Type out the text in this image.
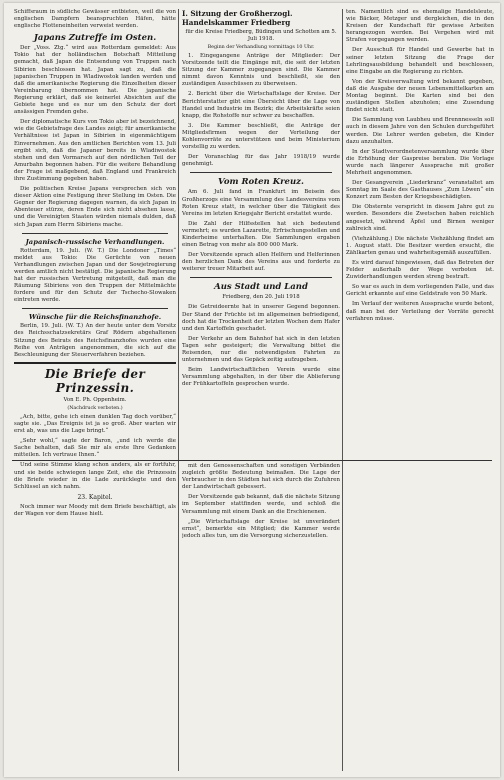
Schiffsraum in südliche Gewässer entbieten, weil die von englischen Dampfern beanspruchten Häfen, hätte englische Flotteneinheiten verweist werden.

Japans Zutreffe im Osten.

Der „Voss. Ztg.“ wird aus Rotterdam gemeldet: Aus Tokio hat der holländischen Botschaft Mitteilung gemacht, daß Japan die Entsendung von Truppen nach Sibirien beschlossen hat. Japan sagt zu, daß die japanischen Truppen in Wladiwostok landen werden und daß die amerikanische Regierung die Einzelheiten dieser Vereinbarung übernommen hat. Die japanische Regierung erklärt, daß sie keinerlei Absichten auf die Gebiete hege und es nur um den Schutz der dort ansässigen Fremden gehe.

Der diplomatische Kurs von Tokio aber ist bezeichnend, wie die Gebietsfrage des Landes zeigt; für amerikanische Verhältnisse ist Japan in Sibirien in eigenmächtigem Einvernehmen. Aus den amtlichen Berichten vom 13. Juli ergibt sich, daß die Japaner bereits in Wladiwostok stehen und den Vormarsch auf den nördlichen Teil der Amurbahn begonnen haben. Für die weitere Behandlung der Frage ist maßgebend, daß England und Frankreich ihre Zustimmung gegeben haben.

Die politischen Kreise Japans versprechen sich von dieser Aktion eine Festigung ihrer Stellung im Osten. Die Gegner der Regierung dagegen warnen, da sich Japan in Abenteuer stürze, deren Ende sich nicht absehen lasse, und die Vereinigten Staaten würden niemals dulden, daß sich Japan zum Herrn Sibiriens mache.

Japanisch-russische Verhandlungen.

Rotterdam, 19. Juli. (W. T.) Die Londoner „Times“ meldet aus Tokio: Die Gerüchte von neuen Verhandlungen zwischen Japan und der Sowjetregierung werden amtlich nicht bestätigt. Die japanische Regierung hat der russischen Vertretung mitgeteilt, daß man die Räumung Sibiriens von den Truppen der Mittelmächte fordere und für den Schutz der Tschecho-Slowaken eintreten werde.

Wünsche für die Reichsfinanzhofe.

Berlin, 19. Juli. (W. T.) An der heute unter dem Vorsitz des Reichsschatzsekretärs Graf Rödern abgehaltenen Sitzung des Beirats des Reichsfinanzhofes wurden eine Reihe von Anträgen angenommen, die sich auf die Beschleunigung der Steuerverfahren beziehen.

Die Briefe der Prinzessin.
Von E. Ph. Oppenheim.
(Nachdruck verboten.)

„Ach, bitte, gehe ich einen dunklen Tag doch vorüber,“ sagte sie. „Das Ereignis ist ja so groß. Aber warten wir erst ab, was uns die Lage bringt.“

„Sehr wohl,“ sagte der Baron, „und ich werde die Sache behalten, daß Sie mir als erste Ihre Gedanken mitteilen. Ich vertraue Ihnen.“

Und seine Stimme klang schon anders, als er fortfuhr, und sie beide schwiegen lange Zeit, ehe die Prinzessin die Briefe wieder in die Lade zurücklegte und den Schlüssel an sich nahm.

23. Kapitel.

Noch immer war Moody mit dem Briefe beschäftigt, als der Wagen vor dem Hause hielt.

I. Sitzung der Großherzogl. Handelskammer Friedberg
für die Kreise Friedberg, Büdingen und Schotten am 5. Juli 1918.
Beginn der Verhandlung vormittags 10 Uhr.

1. Eingegangene Anträge der Mitglieder: Der Vorsitzende teilt die Eingänge mit, die seit der letzten Sitzung der Kammer zugegangen sind. Die Kammer nimmt davon Kenntnis und beschließt, sie den zuständigen Ausschüssen zu überweisen.

2. Bericht über die Wirtschaftslage der Kreise. Der Berichterstatter gibt eine Übersicht über die Lage von Handel und Industrie im Bezirk; die Arbeitskräfte seien knapp, die Rohstoffe nur schwer zu beschaffen.

3. Die Kammer beschließt, die Anträge der Mitgliedsfirmen wegen der Verteilung der Kohlenvorräte zu unterstützen und beim Ministerium vorstellig zu werden.

Der Voranschlag für das Jahr 1918/19 wurde genehmigt.

Vom Roten Kreuz.

Am 6. Juli fand in Frankfurt im Beisein des Großherzogs eine Versammlung des Landesvereins vom Roten Kreuz statt, in welcher über die Tätigkeit des Vereins im letzten Kriegsjahr Bericht erstattet wurde.

Die Zahl der Hilfsstellen hat sich bedeutend vermehrt; es wurden Lazarette, Erfrischungsstellen und Kinderheime unterhalten. Die Sammlungen ergaben einen Betrag von mehr als 800 000 Mark.

Der Vorsitzende sprach allen Helfern und Helferinnen den herzlichen Dank des Vereins aus und forderte zu weiterer treuer Mitarbeit auf.

Aus Stadt und Land
Friedberg, den 20. Juli 1918

Die Getreideernte hat in unserer Gegend begonnen. Der Stand der Früchte ist im allgemeinen befriedigend, doch hat die Trockenheit der letzten Wochen dem Hafer und den Kartoffeln geschadet.

Der Verkehr an dem Bahnhof hat sich in den letzten Tagen sehr gesteigert; die Verwaltung bittet die Reisenden, nur die notwendigsten Fahrten zu unternehmen und das Gepäck zeitig aufzugeben.

Beim Landwirtschaftlichen Verein wurde eine Versammlung abgehalten, in der über die Ablieferung der Frühkartoffeln gesprochen wurde.

mit den Genossenschaften und sonstigen Verbänden zugleich größte Bedeutung beimaßen. Die Lage der Verbraucher in den Städten hat sich durch die Zufuhren der Landwirtschaft gebessert.

Der Vorsitzende gab bekannt, daß die nächste Sitzung im September stattfinden werde, und schloß die Versammlung mit einem Dank an die Erschienenen.

„Die Wirtschaftslage der Kreise ist unverändert ernst“, bemerkte ein Mitglied; die Kammer werde jedoch alles tun, um die Versorgung sicherzustellen.

ten. Namentlich sind es ehemalige Handelsleute, wie Bäcker, Metzger und dergleichen, die in den Kreisen der Kundschaft für gewisse Arbeiten herangezogen werden. Bei Vergehen wird mit Strafen vorgegangen werden.

Der Ausschuß für Handel und Gewerbe hat in seiner letzten Sitzung die Frage der Lehrlingsausbildung behandelt und beschlossen, eine Eingabe an die Regierung zu richten.

Von der Kreisverwaltung wird bekannt gegeben, daß die Ausgabe der neuen Lebensmittelkarten am Montag beginnt. Die Karten sind bei den zuständigen Stellen abzuholen; eine Zusendung findet nicht statt.

Die Sammlung von Laubheu und Brennnesseln soll auch in diesem Jahre von den Schulen durchgeführt werden. Die Lehrer werden gebeten, die Kinder dazu anzuhalten.

In der Stadtverordnetenversammlung wurde über die Erhöhung der Gaspreise beraten. Die Vorlage wurde nach längerer Aussprache mit großer Mehrheit angenommen.

Der Gesangverein „Liederkranz“ veranstaltet am Sonntag im Saale des Gasthauses „Zum Löwen“ ein Konzert zum Besten der Kriegsbeschädigten.

Die Obsternte verspricht in diesem Jahre gut zu werden. Besonders die Zwetschen haben reichlich angesetzt, während Äpfel und Birnen weniger zahlreich sind.

(Viehzählung.) Die nächste Viehzählung findet am 1. August statt. Die Besitzer werden ersucht, die Zählkarten genau und wahrheitsgemäß auszufüllen.

Es wird darauf hingewiesen, daß das Betreten der Felder außerhalb der Wege verboten ist. Zuwiderhandlungen werden streng bestraft.

So war es auch in dem vorliegenden Falle, und das Gericht erkannte auf eine Geldstrafe von 50 Mark.

Im Verlauf der weiteren Aussprache wurde betont, daß man bei der Verteilung der Vorräte gerecht verfahren müsse.
